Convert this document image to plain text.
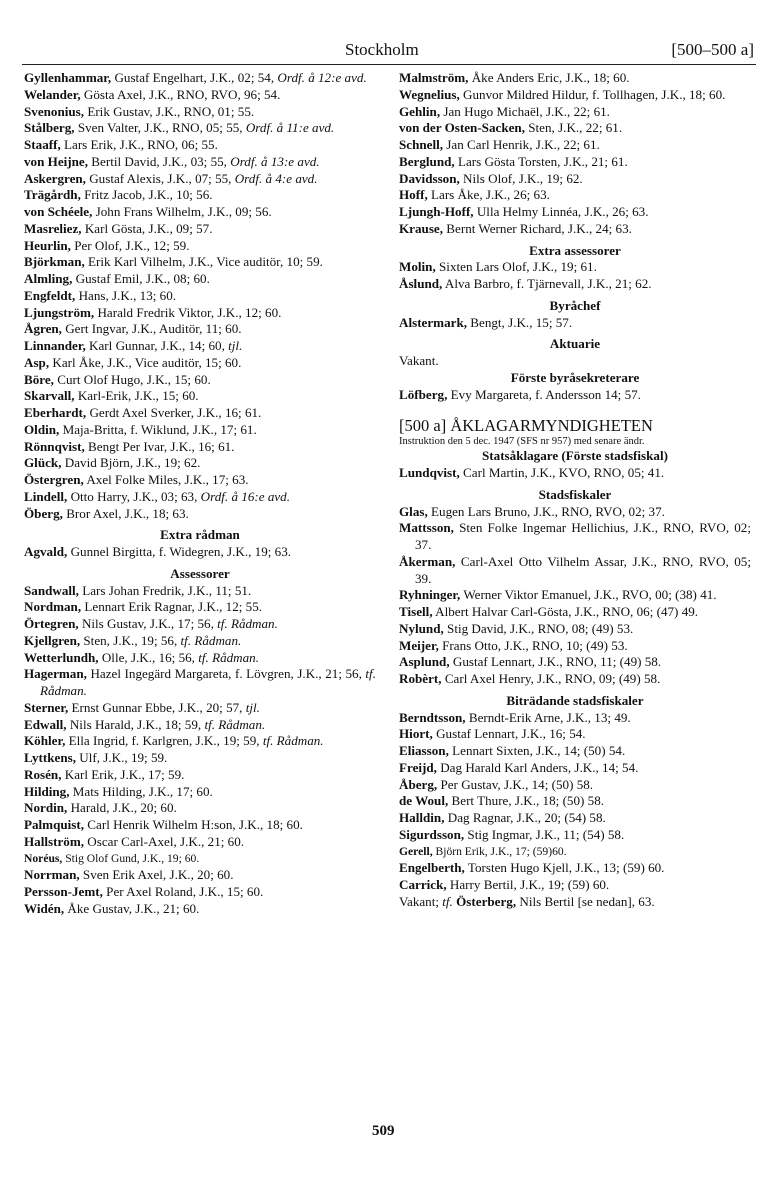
Stockholm	[500–500 a]
Gyllenhammar, Gustaf Engelhart, J.K., 02; 54, Ordf. å 12:e avd.
Welander, Gösta Axel, J.K., RNO, RVO, 96; 54.
Svenonius, Erik Gustav, J.K., RNO, 01; 55.
Stålberg, Sven Valter, J.K., RNO, 05; 55, Ordf. å 11:e avd.
Staaff, Lars Erik, J.K., RNO, 06; 55.
von Heijne, Bertil David, J.K., 03; 55, Ordf. å 13:e avd.
Askergren, Gustaf Alexis, J.K., 07; 55, Ordf. å 4:e avd.
Trägårdh, Fritz Jacob, J.K., 10; 56.
von Schéele, John Frans Wilhelm, J.K., 09; 56.
Masreliez, Karl Gösta, J.K., 09; 57.
Heurlin, Per Olof, J.K., 12; 59.
Björkman, Erik Karl Vilhelm, J.K., Vice auditör, 10; 59.
Almling, Gustaf Emil, J.K., 08; 60.
Engfeldt, Hans, J.K., 13; 60.
Ljungström, Harald Fredrik Viktor, J.K., 12; 60.
Ågren, Gert Ingvar, J.K., Auditör, 11; 60.
Linnander, Karl Gunnar, J.K., 14; 60, tjl.
Asp, Karl Åke, J.K., Vice auditör, 15; 60.
Böre, Curt Olof Hugo, J.K., 15; 60.
Skarvall, Karl-Erik, J.K., 15; 60.
Eberhardt, Gerdt Axel Sverker, J.K., 16; 61.
Oldin, Maja-Britta, f. Wiklund, J.K., 17; 61.
Rönnqvist, Bengt Per Ivar, J.K., 16; 61.
Glück, David Björn, J.K., 19; 62.
Östergren, Axel Folke Miles, J.K., 17; 63.
Lindell, Otto Harry, J.K., 03; 63, Ordf. å 16:e avd.
Öberg, Bror Axel, J.K., 18; 63.
Extra rådman
Agvald, Gunnel Birgitta, f. Widegren, J.K., 19; 63.
Assessorer
Sandwall, Lars Johan Fredrik, J.K., 11; 51.
Nordman, Lennart Erik Ragnar, J.K., 12; 55.
Örtegren, Nils Gustav, J.K., 17; 56, tf. Rådman.
Kjellgren, Sten, J.K., 19; 56, tf. Rådman.
Wetterlundh, Olle, J.K., 16; 56, tf. Rådman.
Hagerman, Hazel Ingegärd Margareta, f. Lövgren, J.K., 21; 56, tf. Rådman.
Sterner, Ernst Gunnar Ebbe, J.K., 20; 57, tjl.
Edwall, Nils Harald, J.K., 18; 59, tf. Rådman.
Köhler, Ella Ingrid, f. Karlgren, J.K., 19; 59, tf. Rådman.
Lyttkens, Ulf, J.K., 19; 59.
Rosén, Karl Erik, J.K., 17; 59.
Hilding, Mats Hilding, J.K., 17; 60.
Nordin, Harald, J.K., 20; 60.
Palmquist, Carl Henrik Wilhelm H:son, J.K., 18; 60.
Hallström, Oscar Carl-Axel, J.K., 21; 60.
Noréus, Stig Olof Gund, J.K., 19; 60.
Norrman, Sven Erik Axel, J.K., 20; 60.
Persson-Jemt, Per Axel Roland, J.K., 15; 60.
Widén, Åke Gustav, J.K., 21; 60.
Malmström, Åke Anders Eric, J.K., 18; 60.
Wegnelius, Gunvor Mildred Hildur, f. Tollhagen, J.K., 18; 60.
Gehlin, Jan Hugo Michaël, J.K., 22; 61.
von der Osten-Sacken, Sten, J.K., 22; 61.
Schnell, Jan Carl Henrik, J.K., 22; 61.
Berglund, Lars Gösta Torsten, J.K., 21; 61.
Davidsson, Nils Olof, J.K., 19; 62.
Hoff, Lars Åke, J.K., 26; 63.
Ljungh-Hoff, Ulla Helmy Linnéa, J.K., 26; 63.
Krause, Bernt Werner Richard, J.K., 24; 63.
Extra assessorer
Molin, Sixten Lars Olof, J.K., 19; 61.
Åslund, Alva Barbro, f. Tjärnevall, J.K., 21; 62.
Byråchef
Alstermark, Bengt, J.K., 15; 57.
Aktuarie
Vakant.
Förste byråsekreterare
Löfberg, Evy Margareta, f. Andersson 14; 57.
[500 a] ÅKLAGARMYNDIGHETEN
Instruktion den 5 dec. 1947 (SFS nr 957) med senare ändr.
Statsåklagare (Förste stadsfiskal)
Lundqvist, Carl Martin, J.K., KVO, RNO, 05; 41.
Stadsfiskaler
Glas, Eugen Lars Bruno, J.K., RNO, RVO, 02; 37.
Mattsson, Sten Folke Ingemar Hellichius, J.K., RNO, RVO, 02; 37.
Åkerman, Carl-Axel Otto Vilhelm Assar, J.K., RNO, RVO, 05; 39.
Ryhninger, Werner Viktor Emanuel, J.K., RVO, 00; (38) 41.
Tisell, Albert Halvar Carl-Gösta, J.K., RNO, 06; (47) 49.
Nylund, Stig David, J.K., RNO, 08; (49) 53.
Meijer, Frans Otto, J.K., RNO, 10; (49) 53.
Asplund, Gustaf Lennart, J.K., RNO, 11; (49) 58.
Robèrt, Carl Axel Henry, J.K., RNO, 09; (49) 58.
Biträdande stadsfiskaler
Berndtsson, Berndt-Erik Arne, J.K., 13; 49.
Hiort, Gustaf Lennart, J.K., 16; 54.
Eliasson, Lennart Sixten, J.K., 14; (50) 54.
Freijd, Dag Harald Karl Anders, J.K., 14; 54.
Åberg, Per Gustav, J.K., 14; (50) 58.
de Woul, Bert Thure, J.K., 18; (50) 58.
Halldin, Dag Ragnar, J.K., 20; (54) 58.
Sigurdsson, Stig Ingmar, J.K., 11; (54) 58.
Gerell, Björn Erik, J.K., 17; (59)60.
Engelberth, Torsten Hugo Kjell, J.K., 13; (59) 60.
Carrick, Harry Bertil, J.K., 19; (59) 60.
Vakant; tf. Österberg, Nils Bertil [se nedan], 63.
509
